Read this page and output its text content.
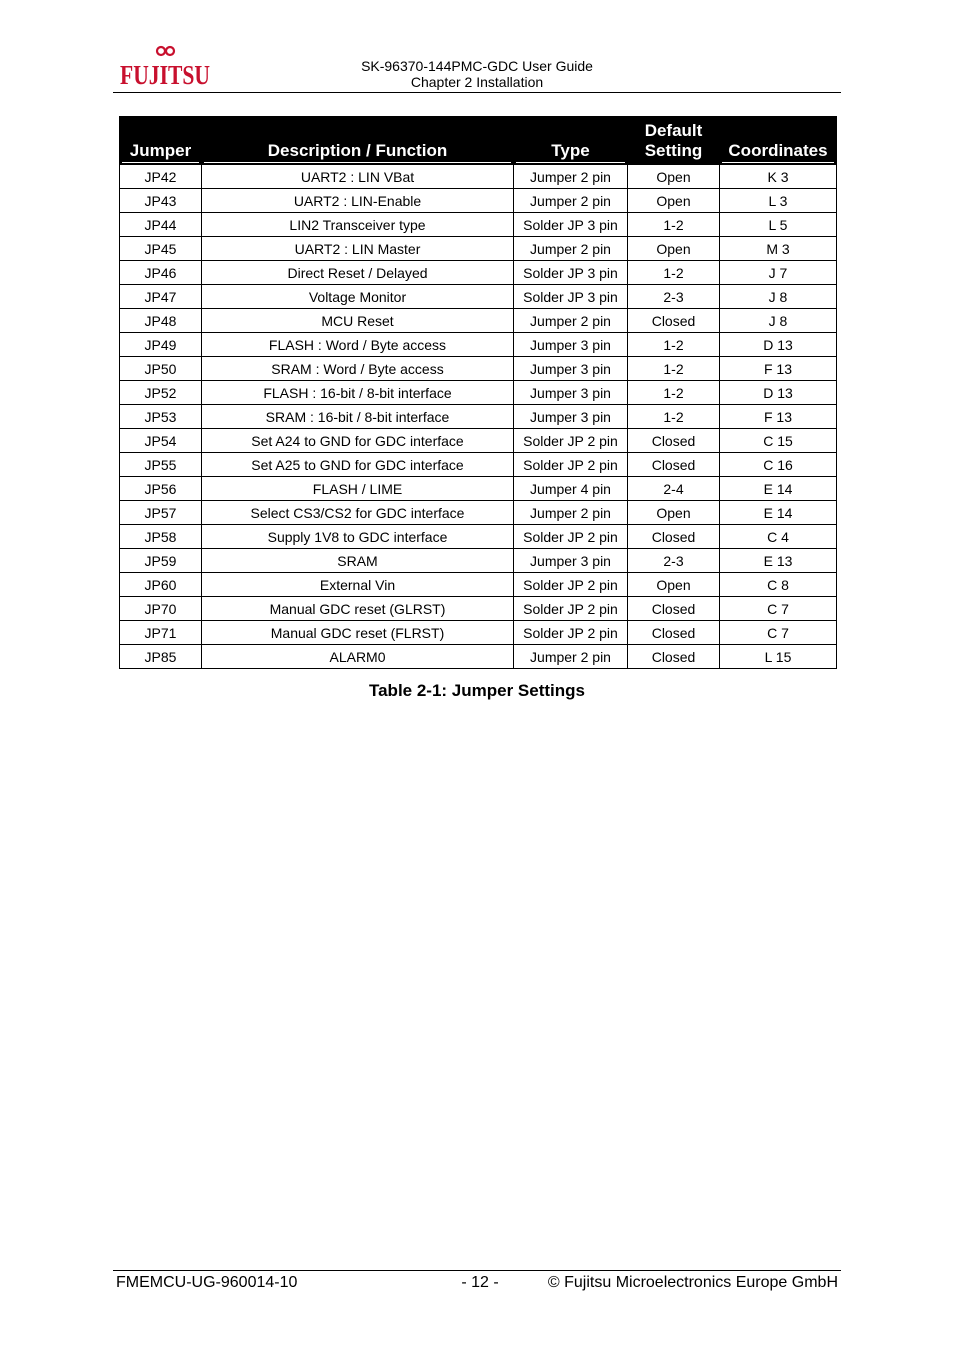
FUJITSU	SK-96370-144PMC-GDC User Guide
Chapter 2 Installation
Jumper	Description / Function	Type	Default Setting	Coordinates

JP42	UART2 : LIN VBat	Jumper 2 pin	Open	K 3
JP43	UART2 : LIN-Enable	Jumper 2 pin	Open	L 3
JP44	LIN2 Transceiver type	Solder JP 3 pin	1-2	L 5
JP45	UART2 : LIN Master	Jumper 2 pin	Open	M 3
JP46	Direct Reset / Delayed	Solder JP 3 pin	1-2	J 7
JP47	Voltage Monitor	Solder JP 3 pin	2-3	J 8
JP48	MCU Reset	Jumper 2 pin	Closed	J 8
JP49	FLASH : Word / Byte access	Jumper 3 pin	1-2	D 13
JP50	SRAM : Word / Byte access	Jumper 3 pin	1-2	F 13
JP52	FLASH : 16-bit / 8-bit interface	Jumper 3 pin	1-2	D 13
JP53	SRAM : 16-bit / 8-bit interface	Jumper 3 pin	1-2	F 13
JP54	Set A24 to GND for GDC interface	Solder JP 2 pin	Closed	C 15
JP55	Set A25 to GND for GDC interface	Solder JP 2 pin	Closed	C 16
JP56	FLASH / LIME	Jumper 4 pin	2-4	E 14
JP57	Select CS3/CS2 for GDC interface	Jumper 2 pin	Open	E 14
JP58	Supply 1V8 to GDC interface	Solder JP 2 pin	Closed	C 4
JP59	SRAM	Jumper 3 pin	2-3	E 13
JP60	External Vin	Solder JP 2 pin	Open	C 8
JP70	Manual GDC reset (GLRST)	Solder JP 2 pin	Closed	C 7
JP71	Manual GDC reset (FLRST)	Solder JP 2 pin	Closed	C 7
JP85	ALARM0	Jumper 2 pin	Closed	L 15
Table 2-1: Jumper Settings
FMEMCU-UG-960014-10	- 12 -	© Fujitsu Microelectronics Europe GmbH
